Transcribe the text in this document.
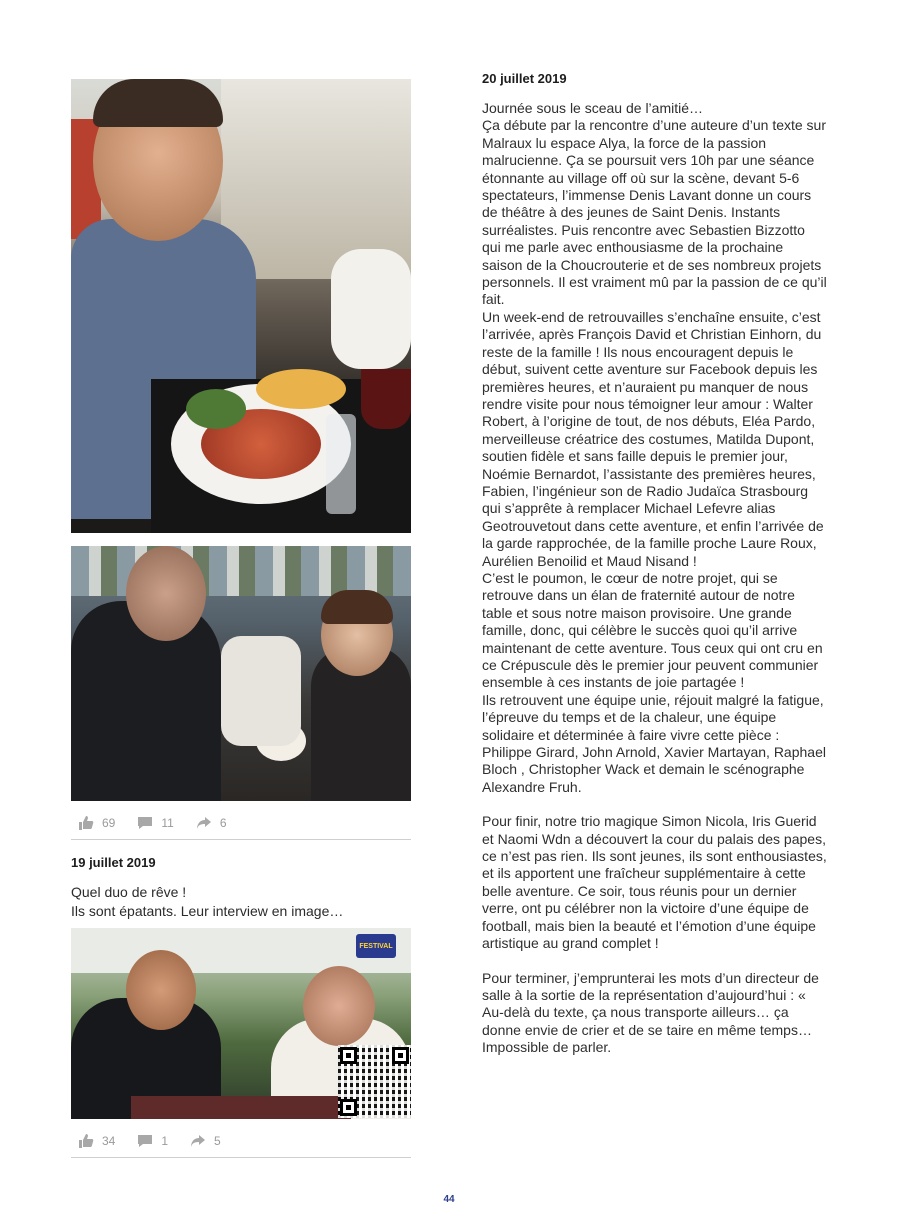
69	11	6
19 juillet 2019
Quel duo de rêve !
Ils sont épatants. Leur interview en image…
FESTIVAL
34	1	5
20 juillet 2019

Journée sous le sceau de l’amitié…

Ça débute par la rencontre d’une auteure d’un texte sur Malraux lu espace Alya, la force de la passion malrucienne. Ça se poursuit vers 10h par une séance étonnante au village off où sur la scène, devant 5-6 spectateurs, l’immense Denis Lavant donne un cours de théâtre à des jeunes de Saint Denis. Instants surréalistes. Puis rencontre avec Sebastien Bizzotto qui me parle avec enthousiasme de la prochaine saison de la Choucrouterie et de ses nombreux projets personnels. Il est vraiment mû par la passion de ce qu’il fait.

Un week-end de retrouvailles s’enchaîne ensuite, c’est l’arrivée, après François David et Christian Einhorn, du reste de la famille ! Ils nous encouragent depuis le début, suivent cette aventure sur Facebook depuis les premières heures, et n’auraient pu manquer de nous rendre visite pour nous témoigner leur amour : Walter Robert, à l’origine de tout, de nos débuts, Eléa Pardo, merveilleuse créatrice des costumes, Matilda Dupont, soutien fidèle et sans faille depuis le premier jour, Noémie Bernardot, l’assistante des premières heures, Fabien, l’ingénieur son de Radio Judaïca Strasbourg qui s’apprête à remplacer Michael Lefevre alias Geotrouvetout dans cette aventure, et enfin l’arrivée de la garde rapprochée, de la famille proche Laure Roux, Aurélien Benoilid et Maud Nisand !

C’est le poumon, le cœur de notre projet, qui se retrouve dans un élan de fraternité autour de notre table et sous notre maison provisoire. Une grande famille, donc, qui célèbre le succès quoi qu’il arrive maintenant de cette aventure. Tous ceux qui ont cru en ce Crépuscule dès le premier jour peuvent communier ensemble à ces instants de joie partagée !

Ils retrouvent une équipe unie, réjouit malgré la fatigue, l’épreuve du temps et de la chaleur, une équipe solidaire et déterminée à faire vivre cette pièce : Philippe Girard, John Arnold, Xavier Martayan, Raphael Bloch , Christopher Wack et demain le scénographe Alexandre Fruh.

Pour finir, notre trio magique Simon Nicola, Iris Guerid et Naomi Wdn a découvert la cour du palais des papes, ce n’est pas rien. Ils sont jeunes, ils sont enthousiastes, et ils apportent une fraîcheur supplémentaire à cette belle aventure. Ce soir, tous réunis pour un dernier verre, ont pu célébrer non la victoire d’une équipe de football, mais bien la beauté et l’émotion d’une équipe artistique au grand complet !

Pour terminer, j’emprunterai les mots d’un directeur de salle à la sortie de la représentation d’aujourd’hui : « Au-delà du texte, ça nous transporte ailleurs… ça donne envie de crier et de se taire en même temps… Impossible de parler.

44
